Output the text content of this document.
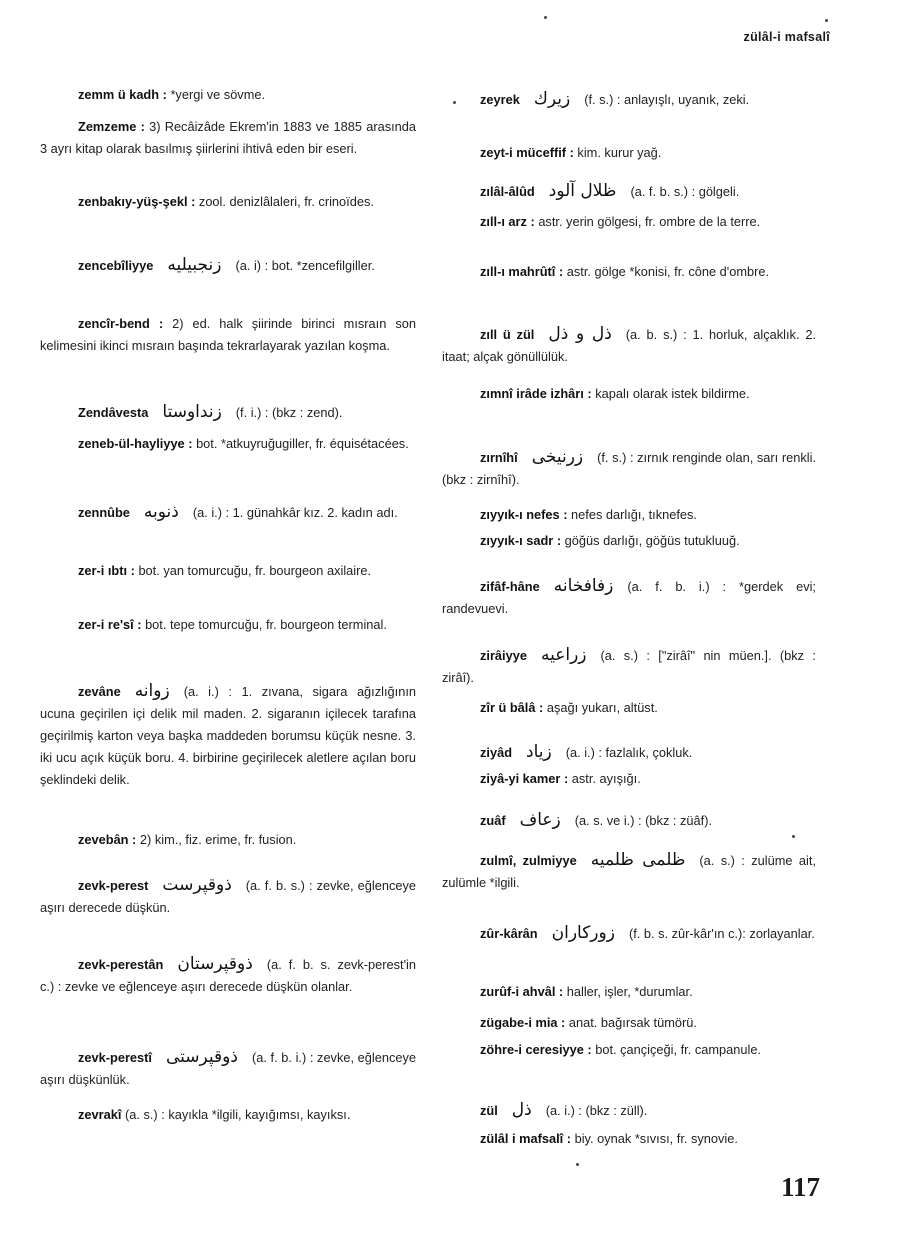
zülâl-i mafsalî
zemm ü kadh : *yergi ve sövme.
Zemzeme : 3) Recâizâde Ekrem'in 1883 ve 1885 arasında 3 ayrı kitap olarak basılmış şiirlerini ihtivâ eden bir eseri.
zenbakıy-yüş-şekl : zool. denizlâlaleri, fr. crinoïdes.
zencebîliyye زنجبيليه (a. i) : bot. *zencefilgiller.
zencîr-bend : 2) ed. halk şiirinde birinci mısraın son kelimesini ikinci mısraın başında tekrarlayarak yazılan koşma.
Zendâvesta زنداوستا (f. i.) : (bkz : zend).
zeneb-ül-hayliyye : bot. *atkuyruğugiller, fr. équisétacées.
zennûbe ذنوبه (a. i.) : 1. günahkâr kız. 2. kadın adı.
zer-i ıbtı : bot. yan tomurcuğu, fr. bourgeon axilaire.
zer-i re'sî : bot. tepe tomurcuğu, fr. bourgeon terminal.
zevâne زوانه (a. i.) : 1. zıvana, sigara ağızlığının ucuna geçirilen içi delik mil maden. 2. sigaranın içilecek tarafına geçirilmiş karton veya başka maddeden borumsu küçük nesne. 3. iki ucu açık küçük boru. 4. birbirine geçirilecek aletlere açılan boru şeklindeki delik.
zevebân : 2) kim., fiz. erime, fr. fusion.
zevk-perest ذوقپرست (a. f. b. s.) : zevke, eğlenceye aşırı derecede düşkün.
zevk-perestân ذوقپرستان (a. f. b. s. zevk-perest'in c.) : zevke ve eğlenceye aşırı derecede düşkün olanlar.
zevk-perestî ذوقپرستى (a. f. b. i.) : zevke, eğlenceye aşırı düşkünlük.
zevrakî (a. s.) : kayıkla *ilgili, kayığımsı, kayıksı.
zeyrek زيرك (f. s.) : anlayışlı, uyanık, zeki.
zeyt-i müceffif : kim. kurur yağ.
zılâl-âlûd ظلال آلود (a. f. b. s.) : gölgeli.
zıll-ı arz : astr. yerin gölgesi, fr. ombre de la terre.
zıll-ı mahrûtî : astr. gölge *konisi, fr. cône d'ombre.
zıll ü zül ذل و ذل (a. b. s.) : 1. horluk, alçaklık. 2. itaat; alçak gönüllülük.
zımnî irâde izhârı : kapalı olarak istek bildirme.
zırnîhî زرنيخى (f. s.) : zırnık renginde olan, sarı renkli. (bkz : zirnîhî).
zıyyık-ı nefes : nefes darlığı, tıknefes.
zıyyık-ı sadr : göğüs darlığı, göğüs tutukluuğ.
zifâf-hâne زفافخانه (a. f. b. i.) : *gerdek evi; randevuevi.
zirâiyye زراعيه (a. s.) : ["zirâî" nin müen.]. (bkz : zirâî).
zîr ü bâlâ : aşağı yukarı, altüst.
ziyâd زياد (a. i.) : fazlalık, çokluk.
ziyâ-yi kamer : astr. ayışığı.
zuâf زعاف (a. s. ve i.) : (bkz : züâf).
zulmî, zulmiyye ظلمى ظلميه (a. s.) : zulüme ait, zulümle *ilgili.
zûr-kârân زوركاران (f. b. s. zûr-kâr'ın c.): zorlayanlar.
zurûf-i ahvâl : haller, işler, *durumlar.
zügabe-i mia : anat. bağırsak tümörü.
zöhre-i ceresiyye : bot. çançiçeği, fr. campanule.
zül ذل (a. i.) : (bkz : züll).
zülâl i mafsalî : biy. oynak *sıvısı, fr. synovie.
117
